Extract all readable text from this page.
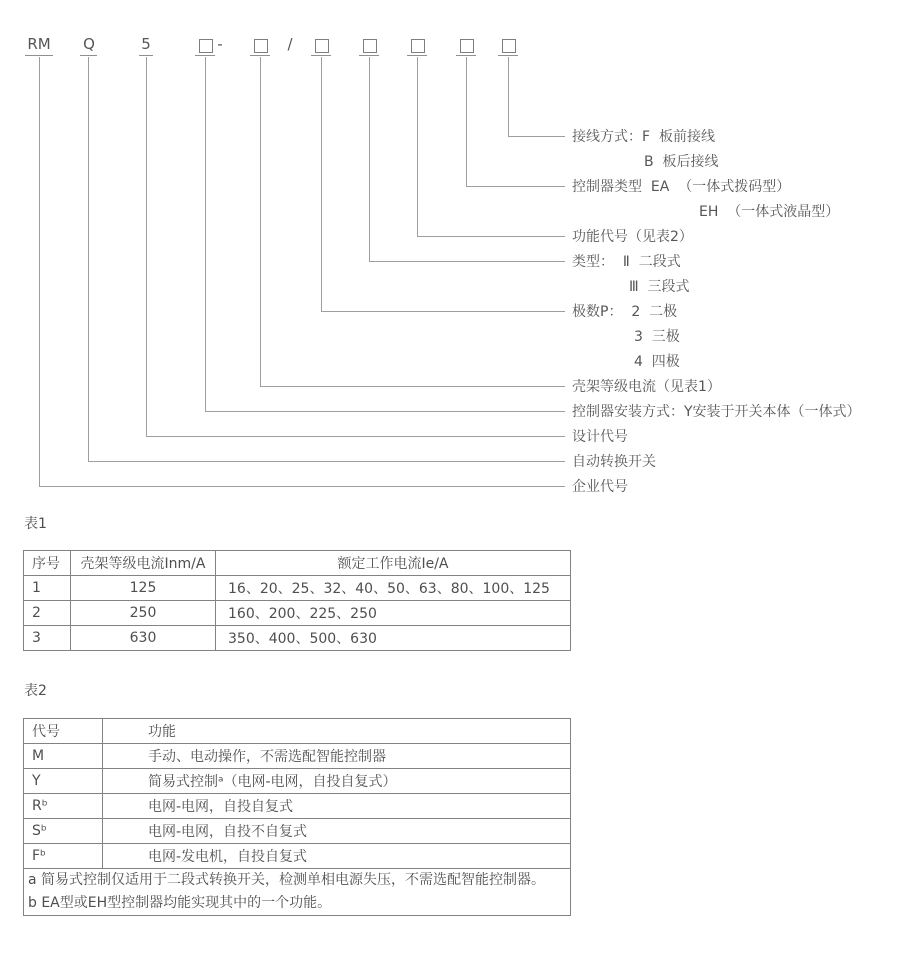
RM	Q	5	-	/
接线方式：F  板前接线
B  板后接线
控制器类型  EA  （一体式拨码型）
EH  （一体式液晶型）
功能代号（见表2）
类型：  Ⅱ  二段式
Ⅲ  三段式
极数P：  2  二极
3  三极
4  四极
壳架等级电流（见表1）
控制器安装方式：Y安装于开关本体（一体式）
设计代号
自动转换开关
企业代号
表1
序号	壳架等级电流Inm/A	额定工作电流Ie/A
1	125	16、20、25、32、40、50、63、80、100、125
2	250	160、200、225、250
3	630	350、400、500、630
表2
代号	功能
M	手动、电动操作，不需选配智能控制器
Y	简易式控制ᵃ（电网-电网，自投自复式）
Rᵇ	电网-电网，自投自复式
Sᵇ	电网-电网，自投不自复式
Fᵇ	电网-发电机，自投自复式

a 简易式控制仅适用于二段式转换开关，检测单相电源失压，不需选配智能控制器。
b EA型或EH型控制器均能实现其中的一个功能。	
